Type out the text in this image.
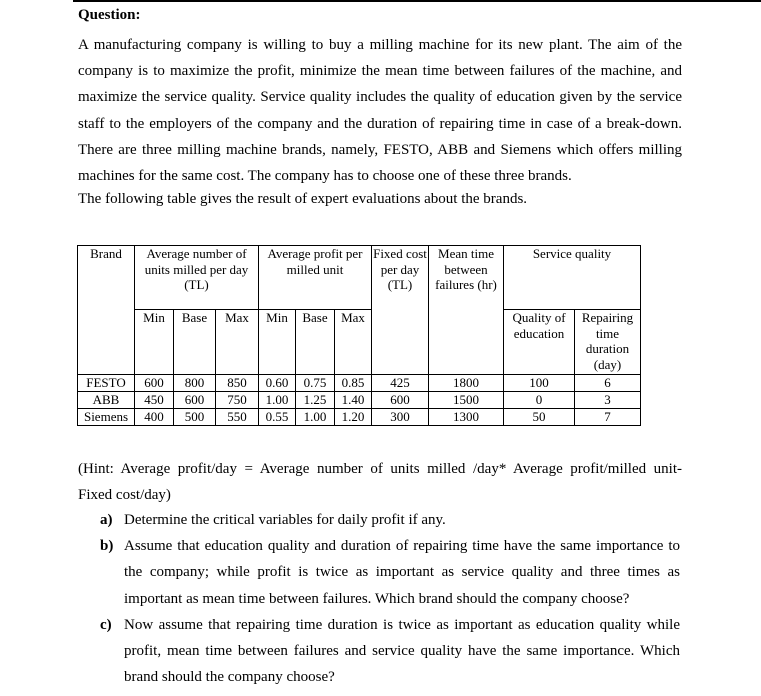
Question:

A manufacturing company is willing to buy a milling machine for its new plant. The aim of the
company is to maximize the profit, minimize the mean time between failures of the machine, and
maximize the service quality. Service quality includes the quality of education given by the service
staff to the employers of the company and the duration of repairing time in case of a break-down.
There are three milling machine brands, namely, FESTO, ABB and Siemens which offers milling
machines for the same cost. The company has to choose one of these three brands.

The following table gives the result of expert evaluations about the brands.

Brand	Average number of units milled per day (TL)			Average profit per milled unit			Fixed cost per day (TL)	Mean time between failures (hr)	Service quality	
	Min	Base	Max	Min	Base	Max			Quality of education	Repairing time duration (day)
FESTO	600	800	850	0.60	0.75	0.85	425	1800	100	6
ABB	450	600	750	1.00	1.25	1.40	600	1500	0	3
Siemens	400	500	550	0.55	1.00	1.20	300	1300	50	7

(Hint: Average profit/day = Average number of units milled /day* Average profit/milled unit-
Fixed cost/day)

a) Determine the critical variables for daily profit if any.
b) Assume that education quality and duration of repairing time have the same importance to
the company; while profit is twice as important as service quality and three times as
important as mean time between failures. Which brand should the company choose?
c) Now assume that repairing time duration is twice as important as education quality while
profit, mean time between failures and service quality have the same importance. Which
brand should the company choose?
